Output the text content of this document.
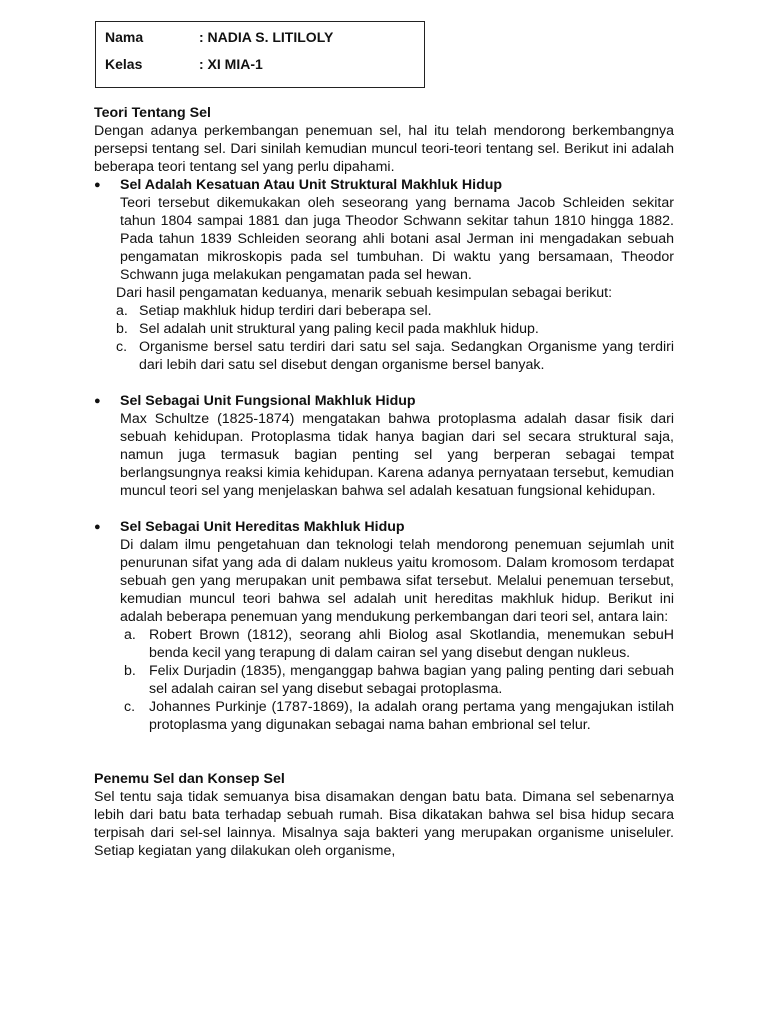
Nama	: NADIA S. LITILOLY
Kelas	: XI MIA-1
Teori Tentang Sel
Dengan adanya perkembangan penemuan sel, hal itu telah mendorong berkembangnya persepsi tentang sel. Dari sinilah kemudian muncul teori-teori tentang sel. Berikut ini adalah beberapa teori tentang sel yang perlu dipahami.
●	Sel Adalah Kesatuan Atau Unit Struktural Makhluk Hidup
Teori tersebut dikemukakan oleh seseorang yang bernama Jacob Schleiden sekitar tahun 1804 sampai 1881 dan juga Theodor Schwann sekitar tahun 1810 hingga 1882. Pada tahun 1839 Schleiden seorang ahli botani asal Jerman ini mengadakan sebuah pengamatan mikroskopis pada sel tumbuhan. Di waktu yang bersamaan, Theodor Schwann juga melakukan pengamatan pada sel hewan.
Dari hasil pengamatan keduanya, menarik sebuah kesimpulan sebagai berikut:
a. Setiap makhluk hidup terdiri dari beberapa sel.
b. Sel adalah unit struktural yang paling kecil pada makhluk hidup.
c. Organisme bersel satu terdiri dari satu sel saja. Sedangkan Organisme yang terdiri dari lebih dari satu sel disebut dengan organisme bersel banyak.
●	Sel Sebagai Unit Fungsional Makhluk Hidup
Max Schultze (1825-1874) mengatakan bahwa protoplasma adalah dasar fisik dari sebuah kehidupan. Protoplasma tidak hanya bagian dari sel secara struktural saja, namun juga termasuk bagian penting sel yang berperan sebagai tempat berlangsungnya reaksi kimia kehidupan. Karena adanya pernyataan tersebut, kemudian muncul teori sel yang menjelaskan bahwa sel adalah kesatuan fungsional kehidupan.
●	Sel Sebagai Unit Hereditas Makhluk Hidup
Di dalam ilmu pengetahuan dan teknologi telah mendorong penemuan sejumlah unit penurunan sifat yang ada di dalam nukleus yaitu kromosom. Dalam kromosom terdapat sebuah gen yang merupakan unit pembawa sifat tersebut. Melalui penemuan tersebut, kemudian muncul teori bahwa sel adalah unit hereditas makhluk hidup. Berikut ini adalah beberapa penemuan yang mendukung perkembangan dari teori sel, antara lain:
a. Robert Brown (1812), seorang ahli Biolog asal Skotlandia, menemukan sebuH benda kecil yang terapung di dalam cairan sel yang disebut dengan nukleus.
b. Felix Durjadin (1835), menganggap bahwa bagian yang paling penting dari sebuah sel adalah cairan sel yang disebut sebagai protoplasma.
c. Johannes Purkinje (1787-1869), Ia adalah orang pertama yang mengajukan istilah protoplasma yang digunakan sebagai nama bahan embrional sel telur.
Penemu Sel dan Konsep Sel
Sel tentu saja tidak semuanya bisa disamakan dengan batu bata. Dimana sel sebenarnya lebih dari batu bata terhadap sebuah rumah. Bisa dikatakan bahwa sel bisa hidup secara terpisah dari sel-sel lainnya. Misalnya saja bakteri yang merupakan organisme uniseluler. Setiap kegiatan yang dilakukan oleh organisme,
